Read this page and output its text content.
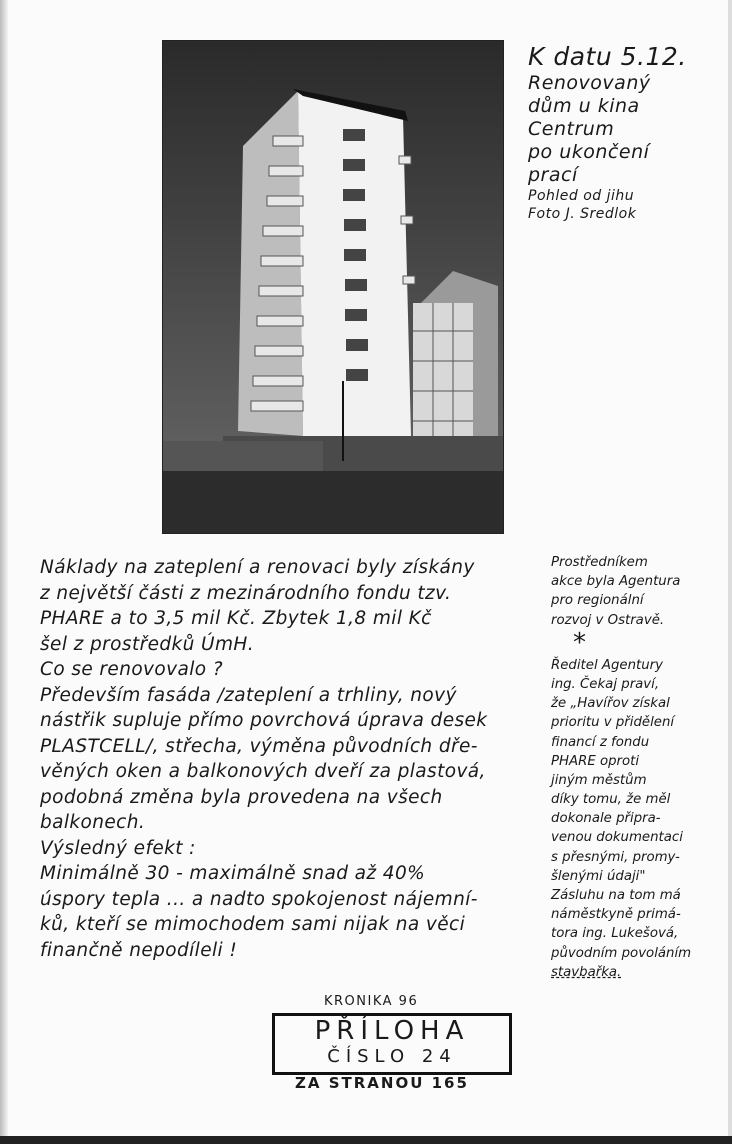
K datu 5.12.
Renovovaný
dům u kina
Centrum
po ukončení
prací
Pohled od jihu
Foto J. Sredlok
Náklady na zateplení a renovaci byly získány
z největší části z mezinárodního fondu tzv.
PHARE a to 3,5 mil Kč. Zbytek 1,8 mil Kč
šel z prostředků ÚmH.
Co se renovovalo ?
Především fasáda /zateplení a trhliny, nový
nástřik supluje přímo povrchová úprava desek
PLASTCELL/, střecha, výměna původních dře-
věných oken a balkonových dveří za plastová,
podobná změna byla provedena na všech
balkonech.
Výsledný efekt :
Minimálně 30 - maximálně snad až 40%
úspory tepla ... a nadto spokojenost nájemní-
ků, kteří se mimochodem sami nijak na věci
finančně nepodíleli !
Prostředníkem
akce byla Agentura
pro regionální
rozvoj v Ostravě.
*
Ředitel Agentury
ing. Čekaj praví,
že „Havířov získal
prioritu v přidělení
financí z fondu
PHARE oproti
jiným městům
díky tomu, že měl
dokonale připra-
venou dokumentaci
s přesnými, promy-
šlenými údaji"
Zásluhu na tom má
náměstkyně primá-
tora ing. Lukešová,
původním povoláním
stavbařka.
KRONIKA 96
PŘÍLOHA
ČÍSLO 24
ZA STRANOU 165
